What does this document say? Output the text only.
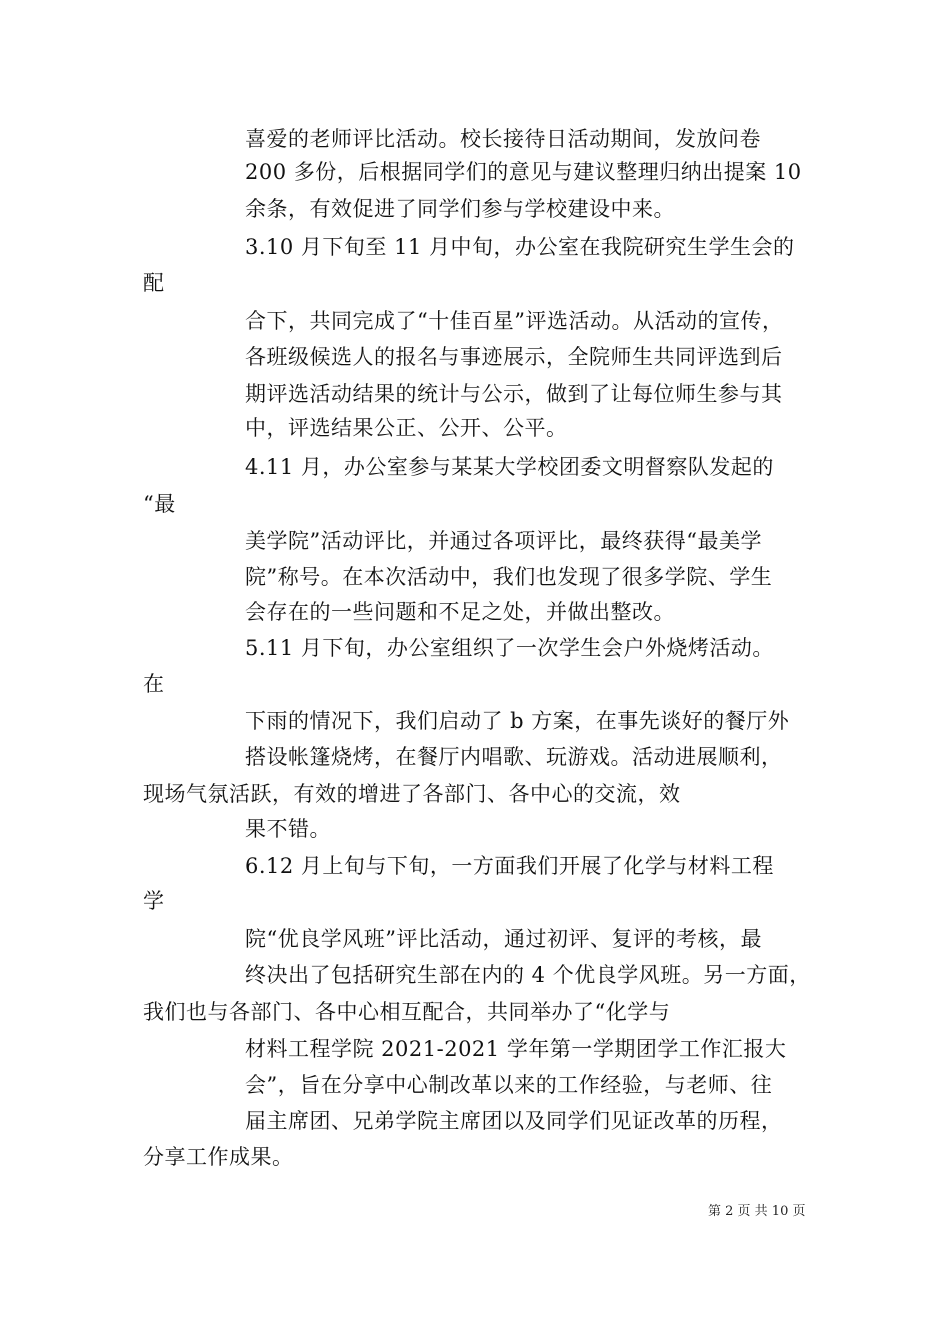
喜爱的老师评比活动。校长接待日活动期间，发放问卷
200 多份，后根据同学们的意见与建议整理归纳出提案 10
余条，有效促进了同学们参与学校建设中来。
3.10 月下旬至 11 月中旬，办公室在我院研究生学生会的
配
合下，共同完成了“十佳百星”评选活动。从活动的宣传，
各班级候选人的报名与事迹展示，全院师生共同评选到后
期评选活动结果的统计与公示，做到了让每位师生参与其
中，评选结果公正、公开、公平。
4.11 月，办公室参与某某大学校团委文明督察队发起的
“最
美学院”活动评比，并通过各项评比，最终获得“最美学
院”称号。在本次活动中，我们也发现了很多学院、学生
会存在的一些问题和不足之处，并做出整改。
5.11 月下旬，办公室组织了一次学生会户外烧烤活动。
在
下雨的情况下，我们启动了 b 方案，在事先谈好的餐厅外
搭设帐篷烧烤，在餐厅内唱歌、玩游戏。活动进展顺利，
现场气氛活跃，有效的增进了各部门、各中心的交流，效
果不错。
6.12 月上旬与下旬，一方面我们开展了化学与材料工程
学
院“优良学风班”评比活动，通过初评、复评的考核，最
终决出了包括研究生部在内的 4 个优良学风班。另一方面，
我们也与各部门、各中心相互配合，共同举办了“化学与
材料工程学院 2021-2021 学年第一学期团学工作汇报大
会”，旨在分享中心制改革以来的工作经验，与老师、往
届主席团、兄弟学院主席团以及同学们见证改革的历程，
分享工作成果。
第 2 页 共 10 页
